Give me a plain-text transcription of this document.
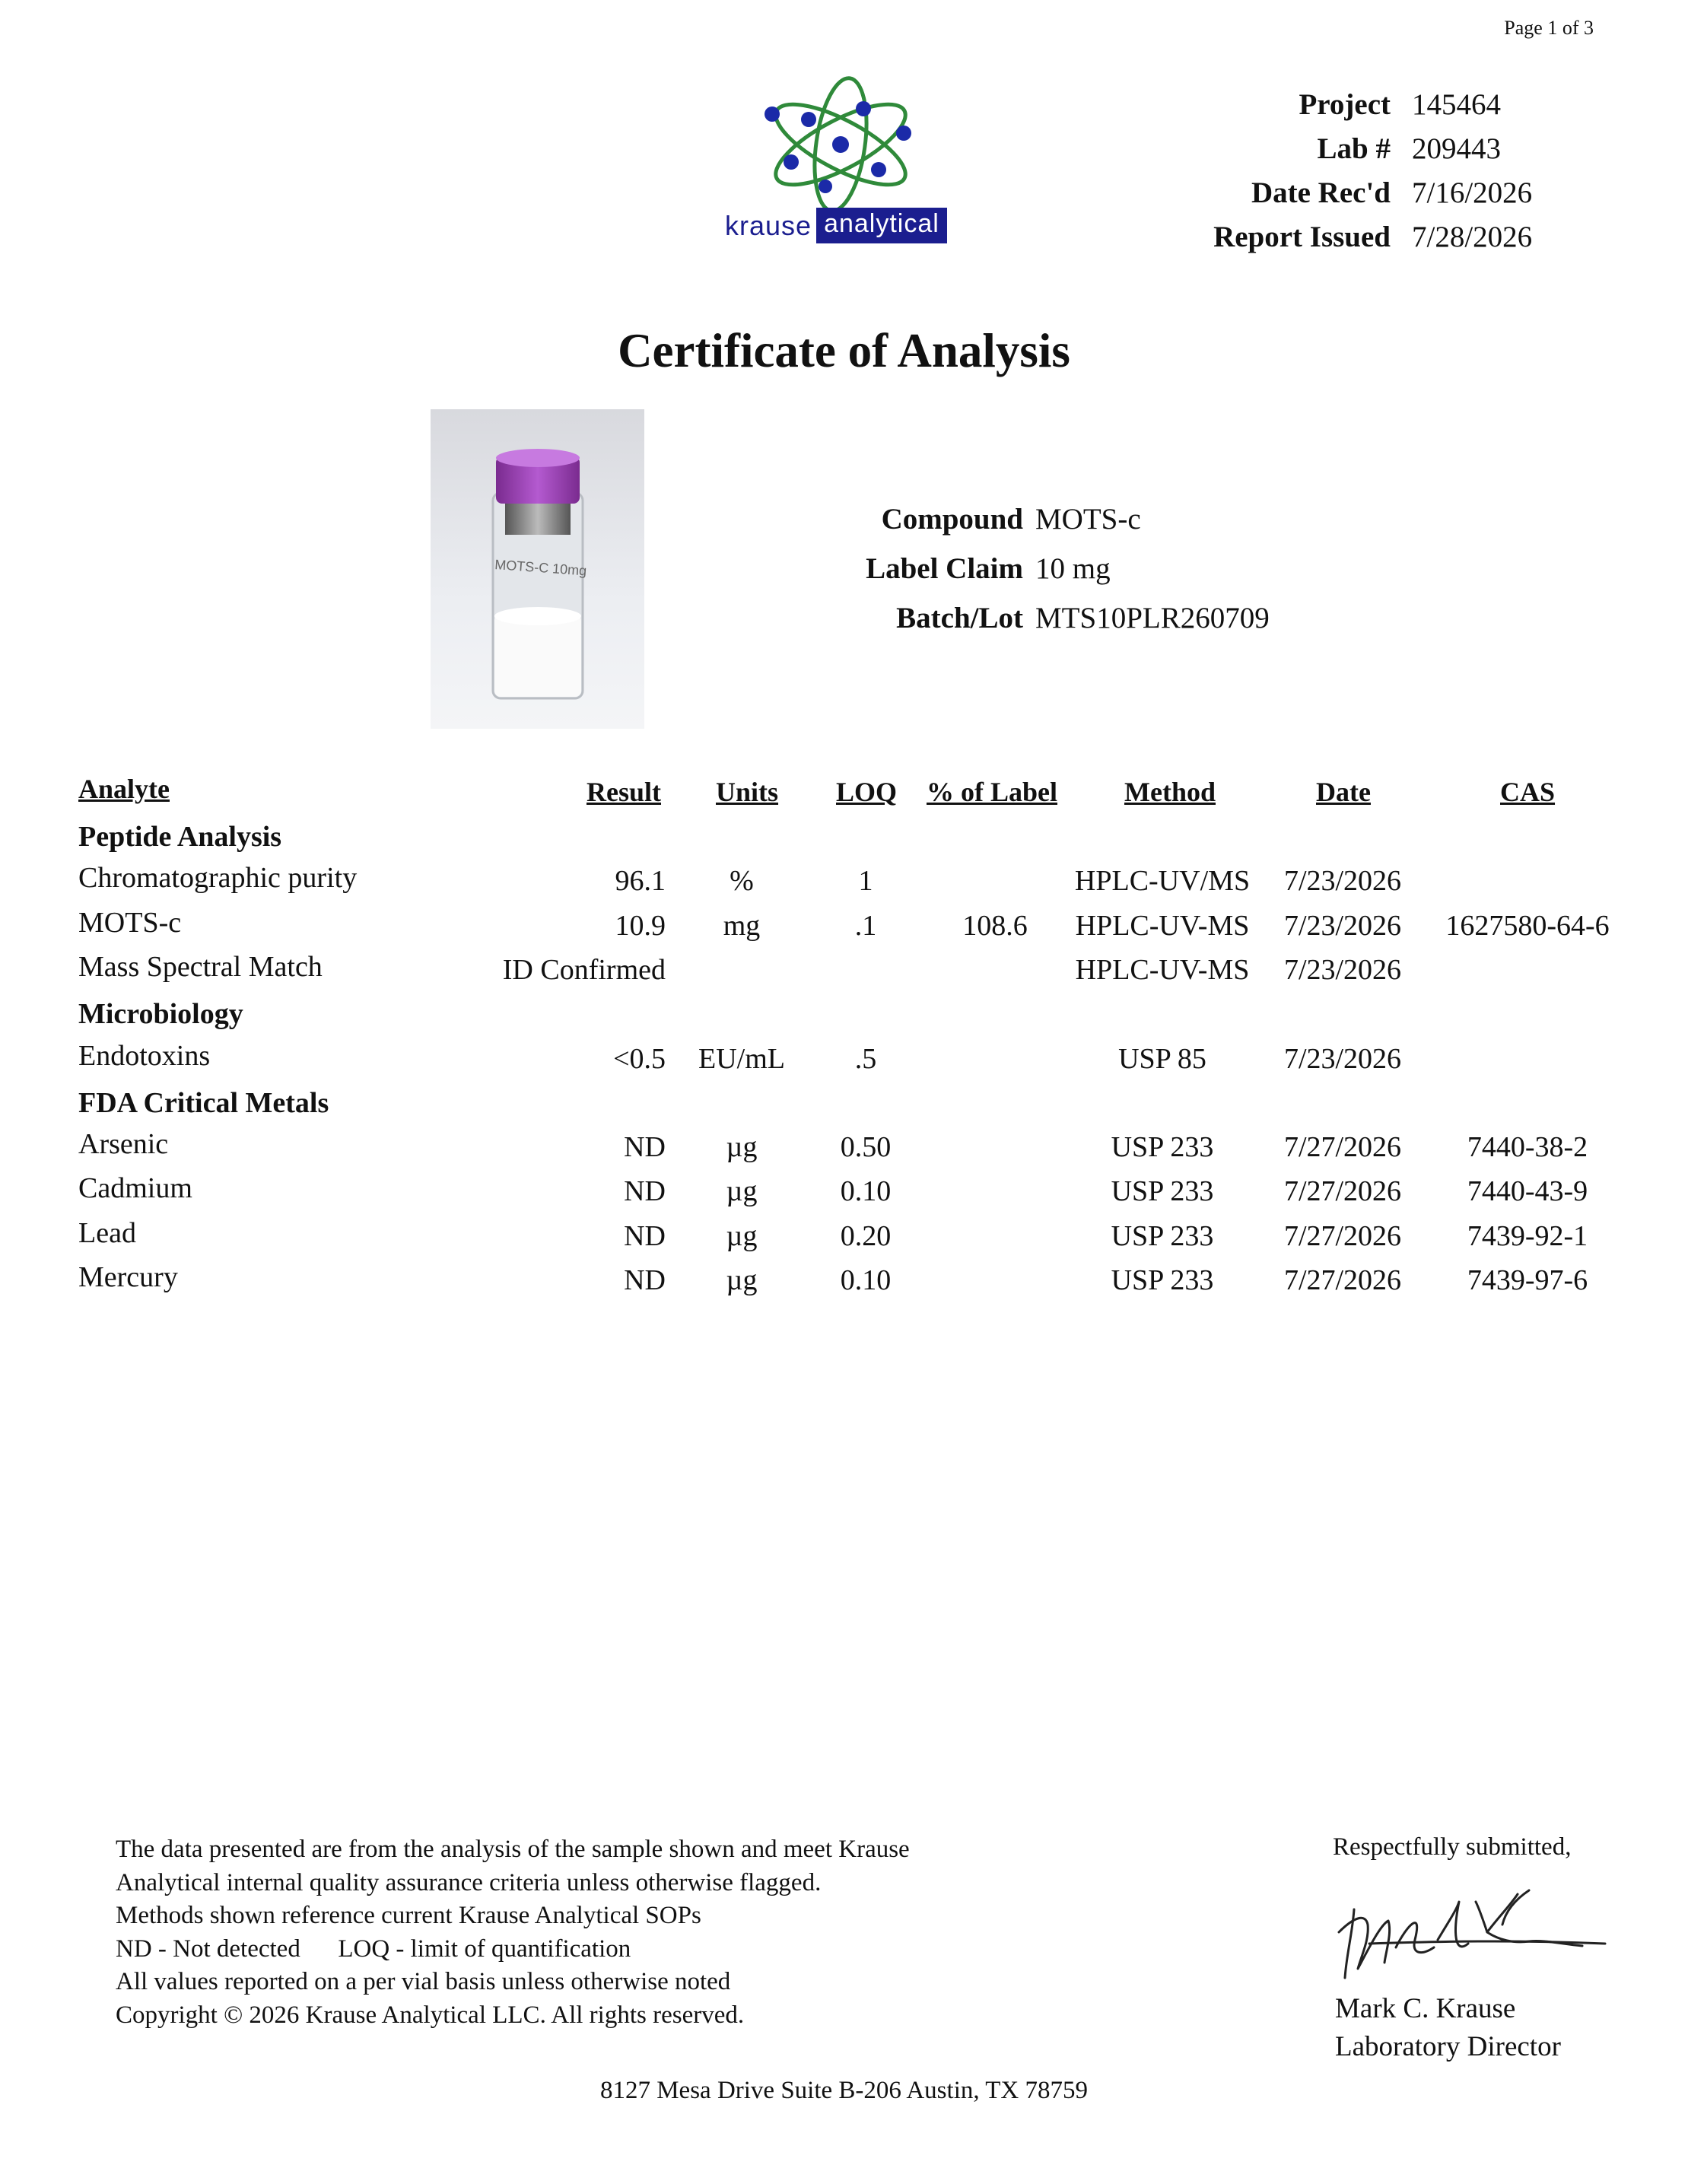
Page 1 of 3
krause analytical
Project 145464
Lab # 209443
Date Rec'd 7/16/2026
Report Issued 7/28/2026
Certificate of Analysis
MOTS-C 10mg
Compound MOTS-c
Label Claim 10 mg
Batch/Lot MTS10PLR260709
Analyte	Result Units LOQ % of Label Method	Date	CAS
Peptide Analysis
Chromatographic purity	96.1 %	1	HPLC-UV/MS 7/23/2026
MOTS-c	10.9 mg	.1	108.6 HPLC-UV-MS 7/23/2026 1627580-64-6
Mass Spectral Match	ID Confirmed	HPLC-UV-MS 7/23/2026
Microbiology
Endotoxins	<0.5 EU/mL .5	USP 85	7/23/2026
FDA Critical Metals
Arsenic	ND µg	0.50	USP 233 7/27/2026 7440-38-2
Cadmium	ND µg	0.10	USP 233 7/27/2026 7440-43-9
Lead	ND µg	0.20	USP 233 7/27/2026 7439-92-1
Mercury	ND µg	0.10	USP 233 7/27/2026 7439-97-6
The data presented are from the analysis of the sample shown and meet Krause
Analytical internal quality assurance criteria unless otherwise flagged.
Methods shown reference current Krause Analytical SOPs
ND - Not detected      LOQ - limit of quantification
All values reported on a per vial basis unless otherwise noted
Copyright © 2026 Krause Analytical LLC. All rights reserved.
Respectfully submitted,
Mark C. Krause
Laboratory Director
8127 Mesa Drive Suite B-206 Austin, TX 78759
